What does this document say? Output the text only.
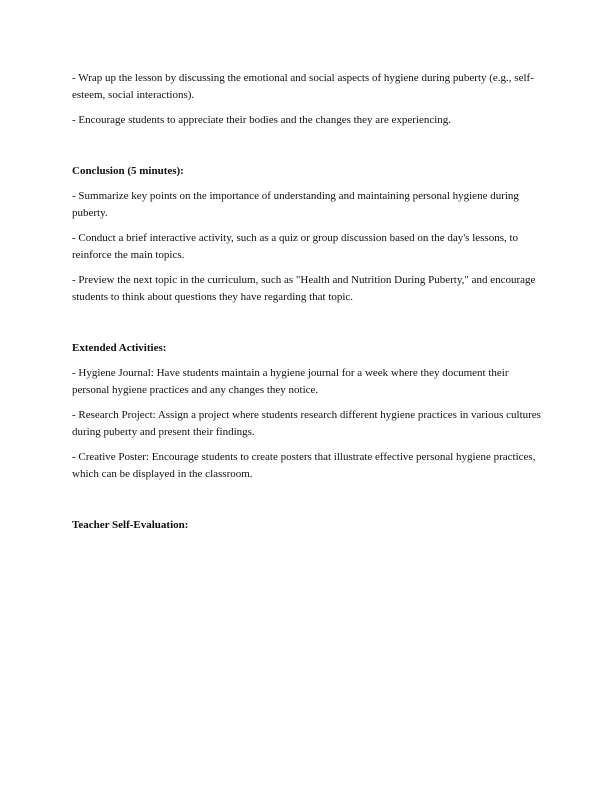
- Wrap up the lesson by discussing the emotional and social aspects of hygiene during puberty (e.g., self-esteem, social interactions).

- Encourage students to appreciate their bodies and the changes they are experiencing.

Conclusion (5 minutes):

- Summarize key points on the importance of understanding and maintaining personal hygiene during puberty.

- Conduct a brief interactive activity, such as a quiz or group discussion based on the day's lessons, to reinforce the main topics.

- Preview the next topic in the curriculum, such as "Health and Nutrition During Puberty," and encourage students to think about questions they have regarding that topic.

Extended Activities:

- Hygiene Journal: Have students maintain a hygiene journal for a week where they document their personal hygiene practices and any changes they notice.

- Research Project: Assign a project where students research different hygiene practices in various cultures during puberty and present their findings.

- Creative Poster: Encourage students to create posters that illustrate effective personal hygiene practices, which can be displayed in the classroom.

Teacher Self-Evaluation:
